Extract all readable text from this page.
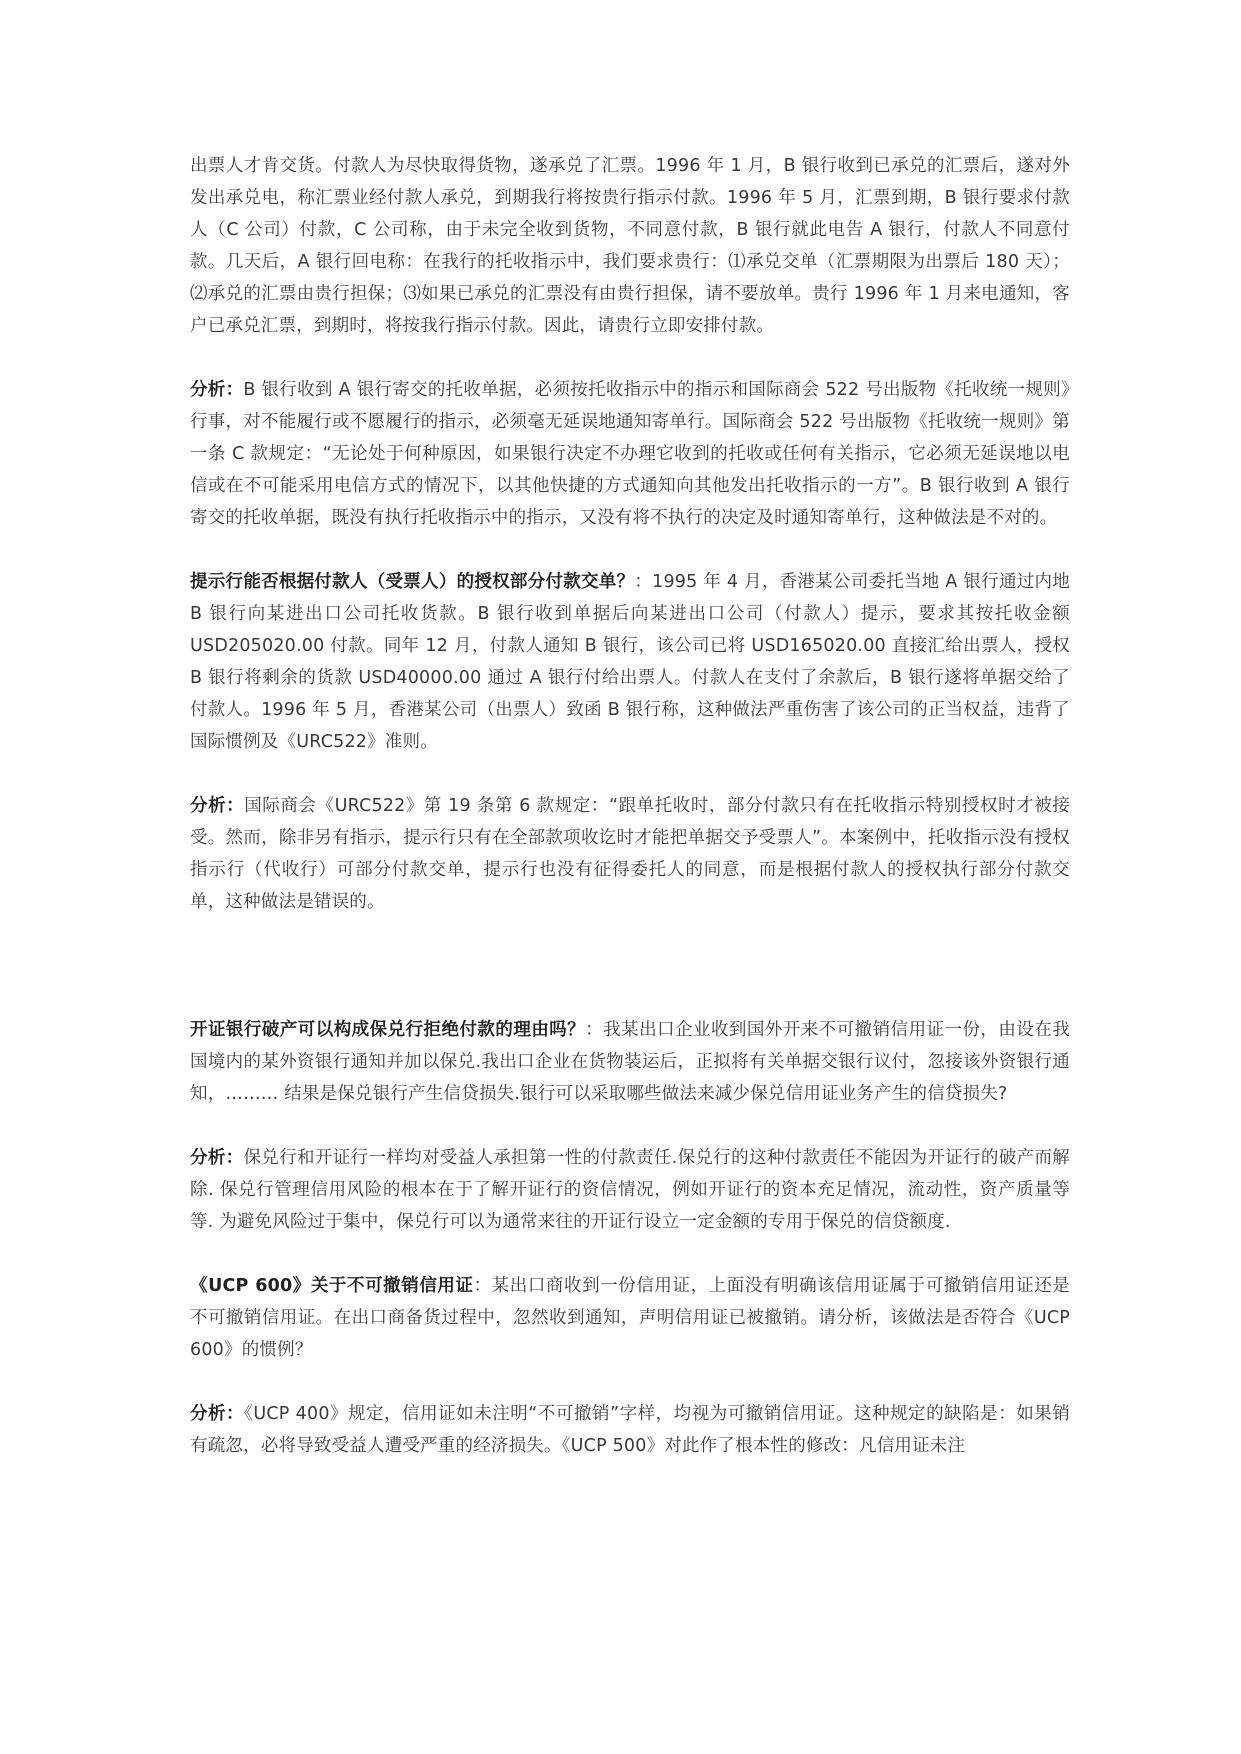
出票人才肯交货。付款人为尽快取得货物，遂承兑了汇票。1996 年 1 月，B 银行收到已承兑的汇票后，遂对外发出承兑电，称汇票业经付款人承兑，到期我行将按贵行指示付款。1996 年 5 月，汇票到期，B 银行要求付款人（C 公司）付款，C 公司称，由于未完全收到货物，不同意付款，B 银行就此电告 A 银行，付款人不同意付款。几天后，A 银行回电称：在我行的托收指示中，我们要求贵行：⑴承兑交单（汇票期限为出票后 180 天）；⑵承兑的汇票由贵行担保；⑶如果已承兑的汇票没有由贵行担保，请不要放单。贵行 1996 年 1 月来电通知，客户已承兑汇票，到期时，将按我行指示付款。因此，请贵行立即安排付款。

分析：B 银行收到 A 银行寄交的托收单据，必须按托收指示中的指示和国际商会 522 号出版物《托收统一规则》行事，对不能履行或不愿履行的指示，必须毫无延误地通知寄单行。国际商会 522 号出版物《托收统一规则》第一条 C 款规定：“无论处于何种原因，如果银行决定不办理它收到的托收或任何有关指示，它必须无延误地以电信或在不可能采用电信方式的情况下，以其他快捷的方式通知向其他发出托收指示的一方”。B 银行收到 A 银行寄交的托收单据，既没有执行托收指示中的指示，又没有将不执行的决定及时通知寄单行，这种做法是不对的。

提示行能否根据付款人（受票人）的授权部分付款交单？：1995 年 4 月，香港某公司委托当地 A 银行通过内地 B 银行向某进出口公司托收货款。B 银行收到单据后向某进出口公司（付款人）提示，要求其按托收金额 USD205020.00 付款。同年 12 月，付款人通知 B 银行，该公司已将 USD165020.00 直接汇给出票人，授权 B 银行将剩余的货款 USD40000.00 通过 A 银行付给出票人。付款人在支付了余款后，B 银行遂将单据交给了付款人。1996 年 5 月，香港某公司（出票人）致函 B 银行称，这种做法严重伤害了该公司的正当权益，违背了国际惯例及《URC522》准则。

分析：国际商会《URC522》第 19 条第 6 款规定：“跟单托收时，部分付款只有在托收指示特别授权时才被接受。然而，除非另有指示，提示行只有在全部款项收讫时才能把单据交予受票人”。本案例中，托收指示没有授权指示行（代收行）可部分付款交单，提示行也没有征得委托人的同意，而是根据付款人的授权执行部分付款交单，这种做法是错误的。

开证银行破产可以构成保兑行拒绝付款的理由吗？：我某出口企业收到国外开来不可撤销信用证一份，由设在我国境内的某外资银行通知并加以保兑.我出口企业在货物装运后，正拟将有关单据交银行议付，忽接该外资银行通知，……… 结果是保兑银行产生信贷损失.银行可以采取哪些做法来减少保兑信用证业务产生的信贷损失?

分析：保兑行和开证行一样均对受益人承担第一性的付款责任.保兑行的这种付款责任不能因为开证行的破产而解除. 保兑行管理信用风险的根本在于了解开证行的资信情况，例如开证行的资本充足情况，流动性，资产质量等等. 为避免风险过于集中，保兑行可以为通常来往的开证行设立一定金额的专用于保兑的信贷额度.

《UCP 600》关于不可撤销信用证：某出口商收到一份信用证，上面没有明确该信用证属于可撤销信用证还是不可撤销信用证。在出口商备货过程中，忽然收到通知，声明信用证已被撤销。请分析，该做法是否符合《UCP 600》的惯例？

分析：《UCP 400》规定，信用证如未注明“不可撤销”字样，均视为可撤销信用证。这种规定的缺陷是：如果销有疏忽，必将导致受益人遭受严重的经济损失。《UCP 500》对此作了根本性的修改：凡信用证未注
